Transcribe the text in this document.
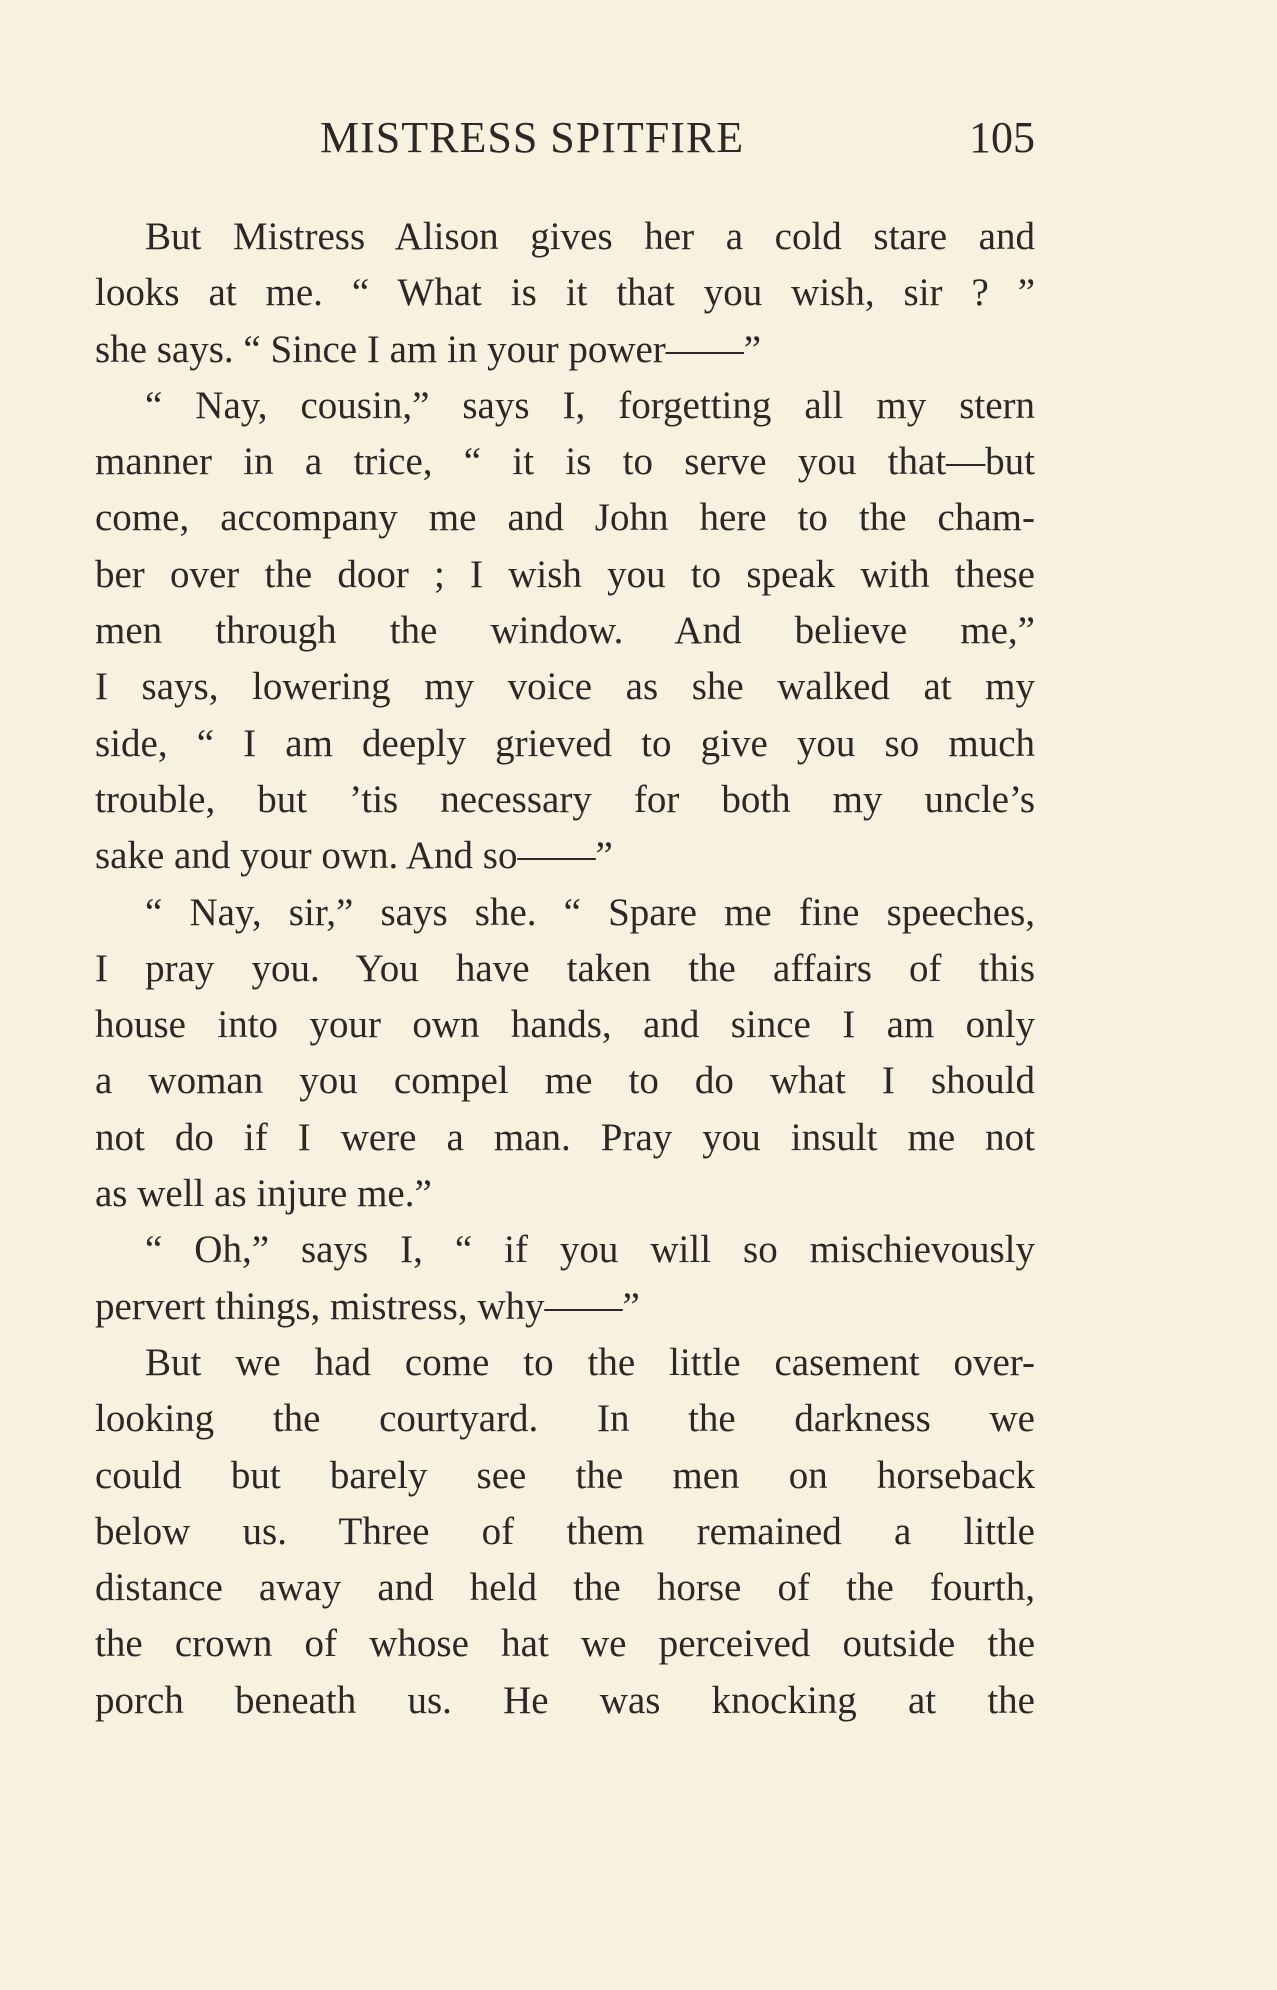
MISTRESS SPITFIRE	105
But Mistress Alison gives her a cold stare and
looks at me. “ What is it that you wish, sir ? ”
she says. “ Since I am in your power——”
“ Nay, cousin,” says I, forgetting all my stern
manner in a trice, “ it is to serve you that—but
come, accompany me and John here to the cham-
ber over the door ; I wish you to speak with these
men through the window. And believe me,”
I says, lowering my voice as she walked at my
side, “ I am deeply grieved to give you so much
trouble, but ’tis necessary for both my uncle’s
sake and your own. And so——”
“ Nay, sir,” says she. “ Spare me fine speeches,
I pray you. You have taken the affairs of this
house into your own hands, and since I am only
a woman you compel me to do what I should
not do if I were a man. Pray you insult me not
as well as injure me.”
“ Oh,” says I, “ if you will so mischievously
pervert things, mistress, why——”
But we had come to the little casement over-
looking the courtyard. In the darkness we
could but barely see the men on horseback
below us. Three of them remained a little
distance away and held the horse of the fourth,
the crown of whose hat we perceived outside the
porch beneath us. He was knocking at the
